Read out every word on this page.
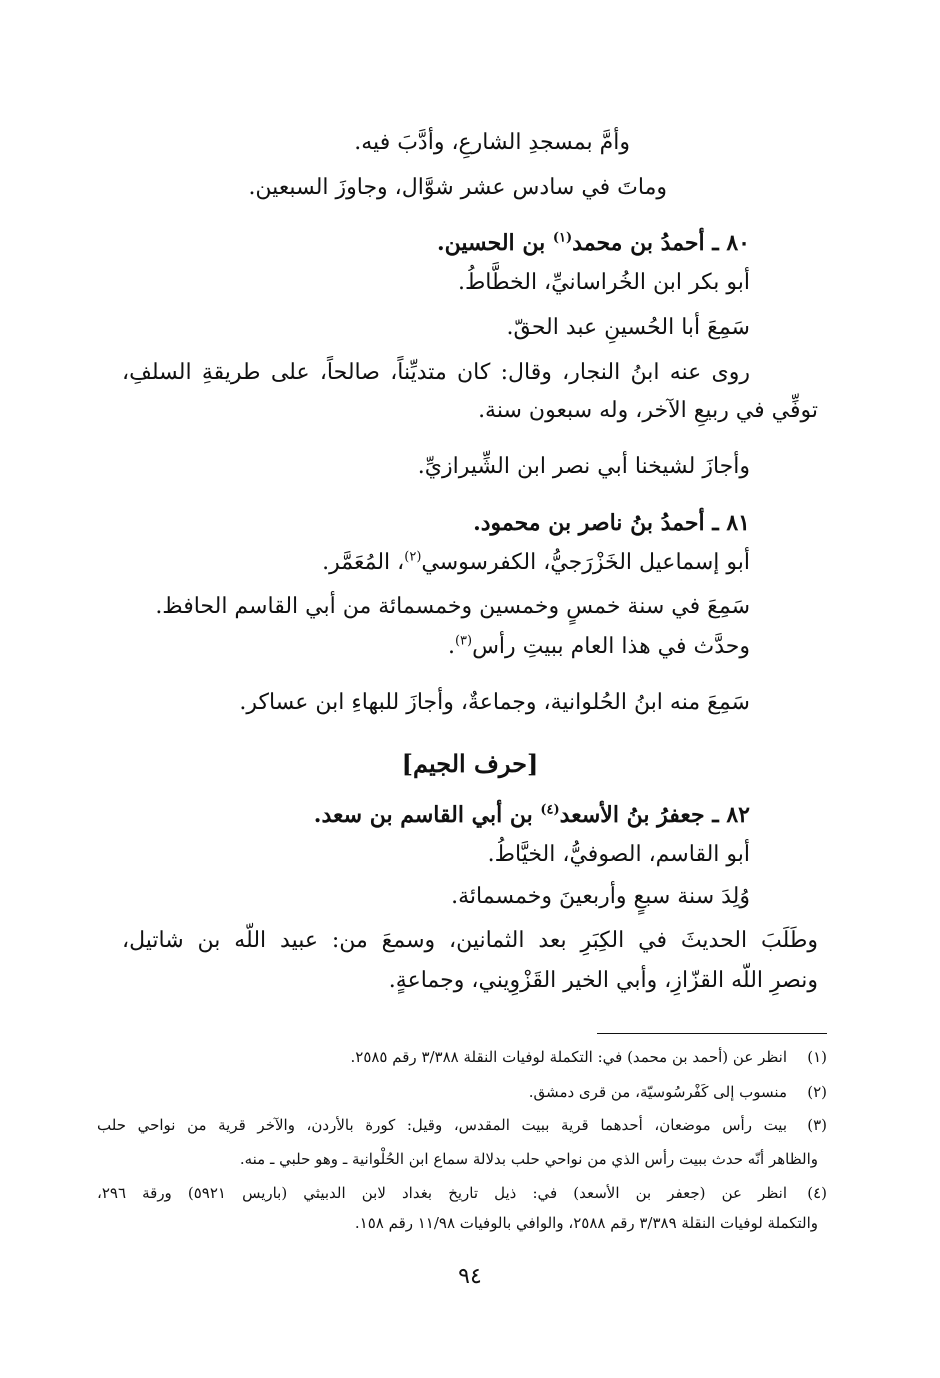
وأمَّ بمسجدِ الشارعِ، وأدَّبَ فيه.
وماتَ في سادس عشر شوَّال، وجاوزَ السبعين.
٨٠ ـ أحمدُ بن محمد$^{(١)}$ بن الحسين.
أبو بكر ابن الخُراسانيِّ، الخطَّاطُ.
سَمِعَ أبا الحُسينِ عبد الحقّ.
روى عنه ابنُ النجار، وقال: كان متديِّناً، صالحاً، على طريقةِ السلفِ،
توفِّي في ربيعِ الآخر، وله سبعون سنة.
وأجازَ لشيخنا أبي نصر ابن الشِّيرازيِّ.
٨١ ـ أحمدُ بنُ ناصر بن محمود.
أبو إسماعيل الخَزْرَجيُّ، الكفرسوسي$^{(٢)}$، المُعَمَّر.
سَمِعَ في سنة خمسٍ وخمسين وخمسمائة من أبي القاسم الحافظ.
وحدَّث في هذا العام ببيتِ رأس$^{(٣)}$.
سَمِعَ منه ابنُ الحُلوانية، وجماعةٌ، وأجازَ للبهاءِ ابن عساكر.
[حرف الجيم]
٨٢ ـ جعفرُ بنُ الأسعد$^{(٤)}$ بن أبي القاسم بن سعد.
أبو القاسم، الصوفيُّ، الخيَّاطُ.
وُلِدَ سنة سبعٍ وأربعينَ وخمسمائة.
وطَلَبَ الحديثَ في الكِبَرِ بعد الثمانين، وسمعَ من: عبيد اللّه بن شاتيل،
ونصرِ اللّه القزّازِ، وأبي الخير القَزْوِيني، وجماعةٍ.
(١)
انظر عن (أحمد بن محمد) في: التكملة لوفيات النقلة ٣/٣٨٨ رقم ٢٥٨٥.
(٢)
منسوب إلى كَفْرسُوسيّة، من قرى دمشق.
(٣)
بيت رأس موضعان، أحدهما قرية ببيت المقدس، وقيل: كورة بالأردن، والآخر قرية من نواحي حلب
والظاهر أنّه حدث ببيت رأس الذي من نواحي حلب بدلالة سماع ابن الحُلْوانية ـ وهو حلبي ـ منه.
(٤)
انظر عن (جعفر بن الأسعد) في: ذيل تاريخ بغداد لابن الدبيثي (باريس ٥٩٢١) ورقة ٢٩٦،
والتكملة لوفيات النقلة ٣/٣٨٩ رقم ٢٥٨٨، والوافي بالوفيات ١١/٩٨ رقم ١٥٨.
٩٤
